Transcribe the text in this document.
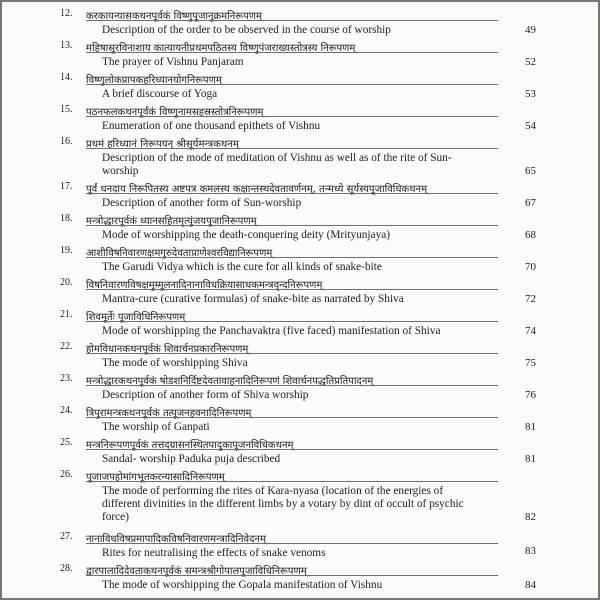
12. करकायन्यासकथनपूर्वकं विष्णुपूजानुक्रमनिरूपणम्
Description of the order to be observed in the course of worship	49
13. महिषासुरविनाशाय कात्यायनीप्रथमपठितस्य विष्णुपंजराख्यस्तोत्रस्य निरूपणम्
The prayer of Vishnu Panjaram	52
14. विष्णुलोकप्रापकहरिध्यानयोगनिरूपणम्
A brief discourse of Yoga	53
15. पठनफलकथनपूर्वकं विष्णुनामसहस्रस्तोत्रनिरूपणम्
Enumeration of one thousand epithets of Vishnu	54
16. प्रथमं हरिध्यानं निरूपयन् श्रीसूर्यमन्त्रकथनम्
Description of the mode of meditation of Vishnu as well as of the rite of Sun-worship	65
17. पूर्वं धनदाय निरूपितस्य अष्टपत्र कमलस्य कक्षान्तस्थदेवतावर्णनम्, तन्मध्ये सूर्यस्यपूजाविधिकथनम्
Description of another form of Sun-worship	67
18. मन्त्रोद्धारपूर्वकं ध्यानसहितमृत्युंजयपूजानिरूपणम्
Mode of worshipping the death-conquering deity (Mrityunjaya)	68
19. आशीविषनिवारणक्षमगुरुदेवताप्राणेश्वरविद्यानिरूपणम्
The Garudi Vidya which is the cure for all kinds of snake-bite	70
20. विषनिवारणविषक्षमुम्मूलनादिनानाविधक्रियासाधकमन्त्रवृन्दनिरूपणम्
Mantra-cure (curative formulas) of snake-bite as narrated by Shiva	72
21. शिवमूर्तेः पूजाविधिनिरूपणम्
Mode of worshipping the Panchavaktra (five faced) manifestation of Shiva	74
22. होमविधानकथनपूर्वकं शिवार्चनप्रकारनिरूपणम्
The mode of worshipping Shiva	75
23. मन्त्रोद्धारकथनपूर्वकं षोडशनिर्दिष्टदेवतावाहनादिनिरूपणं शिवार्चनपद्धतिप्रतिपादनम्
Description of another form of Shiva worship	76
24. त्रिपुरामन्त्रकथनपूर्वकं तत्पूजनहवनादिनिरूपणम्
The worship of Ganpati	81
25. मन्त्रनिरूपणपूर्वकं तत्तद्ग्रासनस्थितपादुकापूजनविधिकथनम्
Sandal- worship Paduka puja described	81
26. पूजाजपहोमांगभूतकरन्यासादिनिरूपणम्
The mode of performing the rites of Kara-nyasa (location of the energies of different divinities in the different limbs by a votary by dint of occult of psychic force)	82
27. नानाविधविषप्रमापादिकविषनिवारणमन्त्रादिनिवेदनम्
Rites for neutralising the effects of snake venoms	83
28. द्वारपालादिदेवताकथनपूर्वकं समन्त्रश्रीगोपालपूजाविधिनिरूपणम्
The mode of worshipping the Gopala manifestation of Vishnu	84
